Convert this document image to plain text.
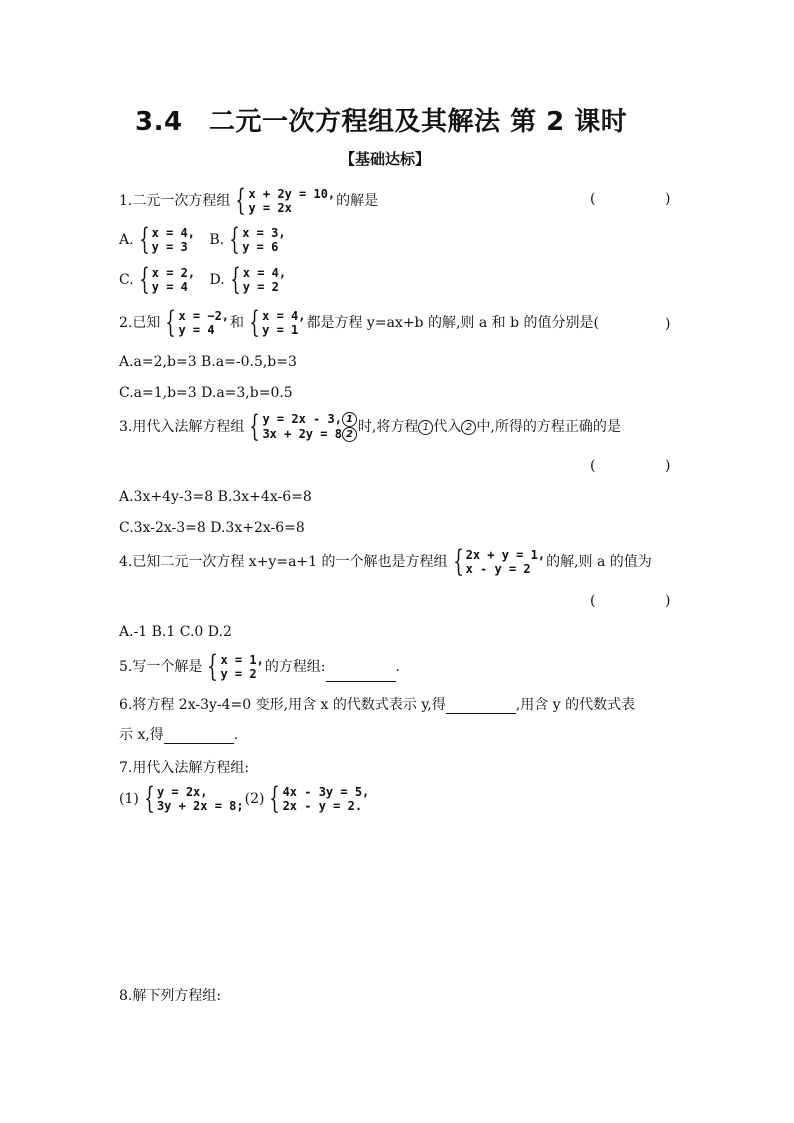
3.4　二元一次方程组及其解法 第 2 课时
【基础达标】
1.二元一次方程组 { x + 2y = 10,
y = 2x	的解是	(	)
A. { x = 4,
y = 3	B. { x = 3,
y = 6
C. { x = 2,
y = 4	D. { x = 4,
y = 2
2.已知 { x = −2,
y = 4	和 { x = 4,
y = 1 都是方程 y=ax+b 的解,则 a 和 b 的值分别是(	)
A.a=2,b=3 B.a=-0.5,b=3
C.a=1,b=3 D.a=3,b=0.5
3.用代入法解方程组 { y = 2x - 3, 1
3x + 2y = 8 2 时,将方程 1 代入 2 中,所得的方程正确的是
(	)
A.3x+4y-3=8 B.3x+4x-6=8
C.3x-2x-3=8 D.3x+2x-6=8
4.已知二元一次方程 x+y=a+1 的一个解也是方程组 { 2x + y = 1,
x - y = 2	的解,则 a 的值为
(	)
A.-1 B.1 C.0 D.2
5.写一个解是 { x = 1,
y = 2 的方程组:	.
6.将方程 2x-3y-4=0 变形,用含 x 的代数式表示 y,得	,用含 y 的代数式表
示 x,得	.
7.用代入法解方程组:
(1) { y = 2x,
3y + 2x = 8; (2) { 4x - 3y = 5,
2x - y = 2.
8.解下列方程组:
